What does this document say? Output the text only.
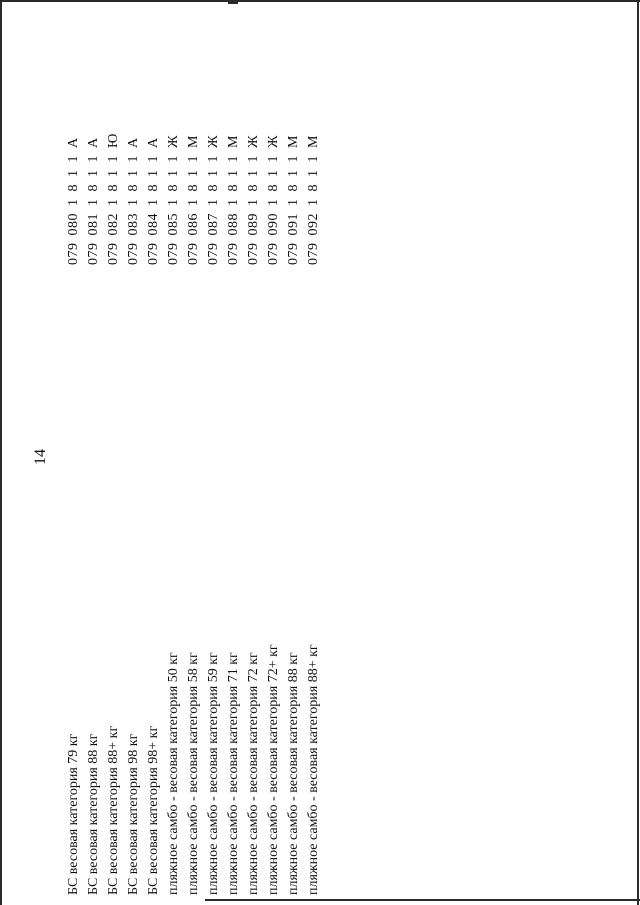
14
БС весовая категория 79 кг
079 080 1 8 1 1 А
БС весовая категория 88 кг
079 081 1 8 1 1 А
БС весовая категория 88+ кг
079 082 1 8 1 1 Ю
БС весовая категория 98 кг
079 083 1 8 1 1 А
БС весовая категория 98+ кг
079 084 1 8 1 1 А
пляжное самбо - весовая категория 50 кг
079 085 1 8 1 1 Ж
пляжное самбо - весовая категория 58 кг
079 086 1 8 1 1 М
пляжное самбо - весовая категория 59 кг
079 087 1 8 1 1 Ж
пляжное самбо - весовая категория 71 кг
079 088 1 8 1 1 М
пляжное самбо - весовая категория 72 кг
079 089 1 8 1 1 Ж
пляжное самбо - весовая категория 72+ кг
079 090 1 8 1 1 Ж
пляжное самбо - весовая категория 88 кг
079 091 1 8 1 1 М
пляжное самбо - весовая категория 88+ кг
079 092 1 8 1 1 М
